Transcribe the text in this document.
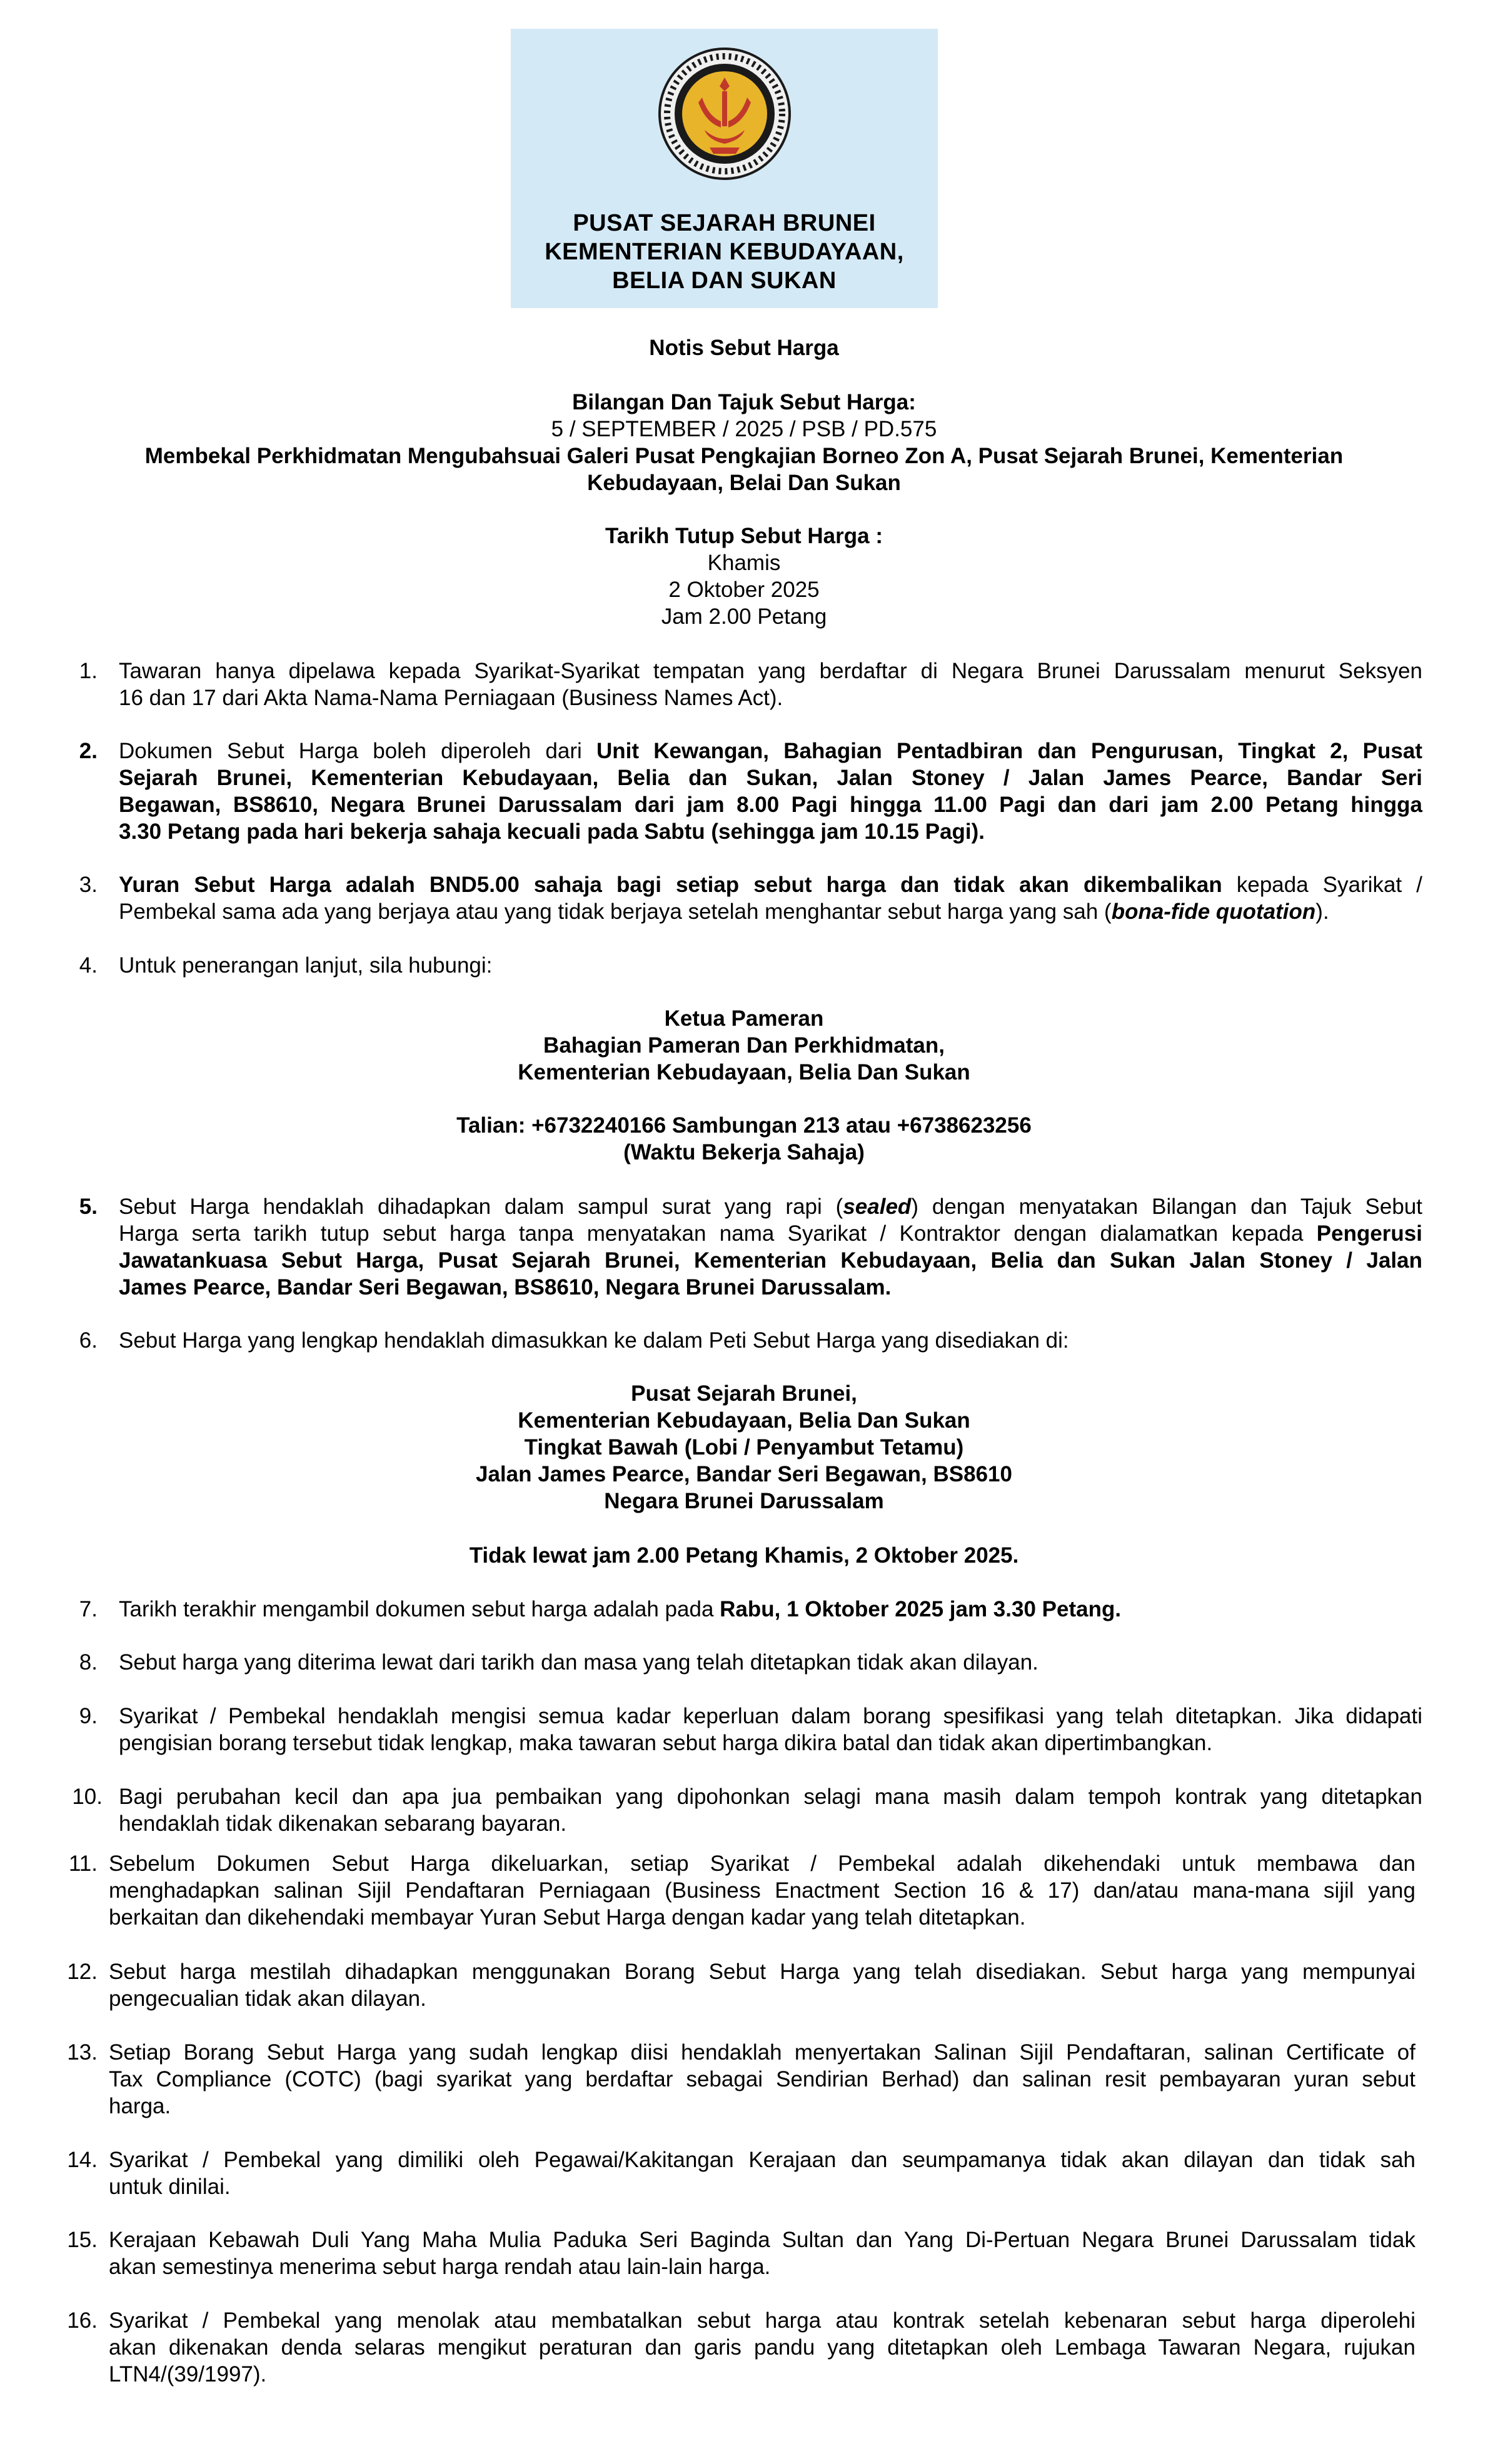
PUSAT SEJARAH BRUNEI
KEMENTERIAN KEBUDAYAAN,
BELIA DAN SUKAN
Notis Sebut Harga
Bilangan Dan Tajuk Sebut Harga:
5 / SEPTEMBER / 2025 / PSB / PD.575
Membekal Perkhidmatan Mengubahsuai Galeri Pusat Pengkajian Borneo Zon A, Pusat Sejarah Brunei, Kementerian
Kebudayaan, Belai Dan Sukan
Tarikh Tutup Sebut Harga :
Khamis
2 Oktober 2025
Jam 2.00 Petang
1. Tawaran hanya dipelawa kepada Syarikat-Syarikat tempatan yang berdaftar di Negara Brunei Darussalam menurut Seksyen
16 dan 17 dari Akta Nama-Nama Perniagaan (Business Names Act).
2. Dokumen Sebut Harga boleh diperoleh dari Unit Kewangan, Bahagian Pentadbiran dan Pengurusan, Tingkat 2, Pusat
Sejarah Brunei, Kementerian Kebudayaan, Belia dan Sukan, Jalan Stoney / Jalan James Pearce, Bandar Seri
Begawan, BS8610, Negara Brunei Darussalam dari jam 8.00 Pagi hingga 11.00 Pagi dan dari jam 2.00 Petang hingga
3.30 Petang pada hari bekerja sahaja kecuali pada Sabtu (sehingga jam 10.15 Pagi).
3. Yuran Sebut Harga adalah BND5.00 sahaja bagi setiap sebut harga dan tidak akan dikembalikan kepada Syarikat /
Pembekal sama ada yang berjaya atau yang tidak berjaya setelah menghantar sebut harga yang sah (bona-fide quotation).
4. Untuk penerangan lanjut, sila hubungi:
Ketua Pameran
Bahagian Pameran Dan Perkhidmatan,
Kementerian Kebudayaan, Belia Dan Sukan
Talian: +6732240166 Sambungan 213 atau +6738623256
(Waktu Bekerja Sahaja)
5. Sebut Harga hendaklah dihadapkan dalam sampul surat yang rapi (sealed) dengan menyatakan Bilangan dan Tajuk Sebut
Harga serta tarikh tutup sebut harga tanpa menyatakan nama Syarikat / Kontraktor dengan dialamatkan kepada Pengerusi
Jawatankuasa Sebut Harga, Pusat Sejarah Brunei, Kementerian Kebudayaan, Belia dan Sukan Jalan Stoney / Jalan
James Pearce, Bandar Seri Begawan, BS8610, Negara Brunei Darussalam.
6. Sebut Harga yang lengkap hendaklah dimasukkan ke dalam Peti Sebut Harga yang disediakan di:
Pusat Sejarah Brunei,
Kementerian Kebudayaan, Belia Dan Sukan
Tingkat Bawah (Lobi / Penyambut Tetamu)
Jalan James Pearce, Bandar Seri Begawan, BS8610
Negara Brunei Darussalam
Tidak lewat jam 2.00 Petang Khamis, 2 Oktober 2025.
7. Tarikh terakhir mengambil dokumen sebut harga adalah pada Rabu, 1 Oktober 2025 jam 3.30 Petang.
8. Sebut harga yang diterima lewat dari tarikh dan masa yang telah ditetapkan tidak akan dilayan.
9. Syarikat / Pembekal hendaklah mengisi semua kadar keperluan dalam borang spesifikasi yang telah ditetapkan. Jika didapati
pengisian borang tersebut tidak lengkap, maka tawaran sebut harga dikira batal dan tidak akan dipertimbangkan.
10. Bagi perubahan kecil dan apa jua pembaikan yang dipohonkan selagi mana masih dalam tempoh kontrak yang ditetapkan
hendaklah tidak dikenakan sebarang bayaran.
11. Sebelum Dokumen Sebut Harga dikeluarkan, setiap Syarikat / Pembekal adalah dikehendaki untuk membawa dan
menghadapkan salinan Sijil Pendaftaran Perniagaan (Business Enactment Section 16 & 17) dan/atau mana-mana sijil yang
berkaitan dan dikehendaki membayar Yuran Sebut Harga dengan kadar yang telah ditetapkan.
12. Sebut harga mestilah dihadapkan menggunakan Borang Sebut Harga yang telah disediakan. Sebut harga yang mempunyai
pengecualian tidak akan dilayan.
13. Setiap Borang Sebut Harga yang sudah lengkap diisi hendaklah menyertakan Salinan Sijil Pendaftaran, salinan Certificate of
Tax Compliance (COTC) (bagi syarikat yang berdaftar sebagai Sendirian Berhad) dan salinan resit pembayaran yuran sebut
harga.
14. Syarikat / Pembekal yang dimiliki oleh Pegawai/Kakitangan Kerajaan dan seumpamanya tidak akan dilayan dan tidak sah
untuk dinilai.
15. Kerajaan Kebawah Duli Yang Maha Mulia Paduka Seri Baginda Sultan dan Yang Di-Pertuan Negara Brunei Darussalam tidak
akan semestinya menerima sebut harga rendah atau lain-lain harga.
16. Syarikat / Pembekal yang menolak atau membatalkan sebut harga atau kontrak setelah kebenaran sebut harga diperolehi
akan dikenakan denda selaras mengikut peraturan dan garis pandu yang ditetapkan oleh Lembaga Tawaran Negara, rujukan
LTN4/(39/1997).
